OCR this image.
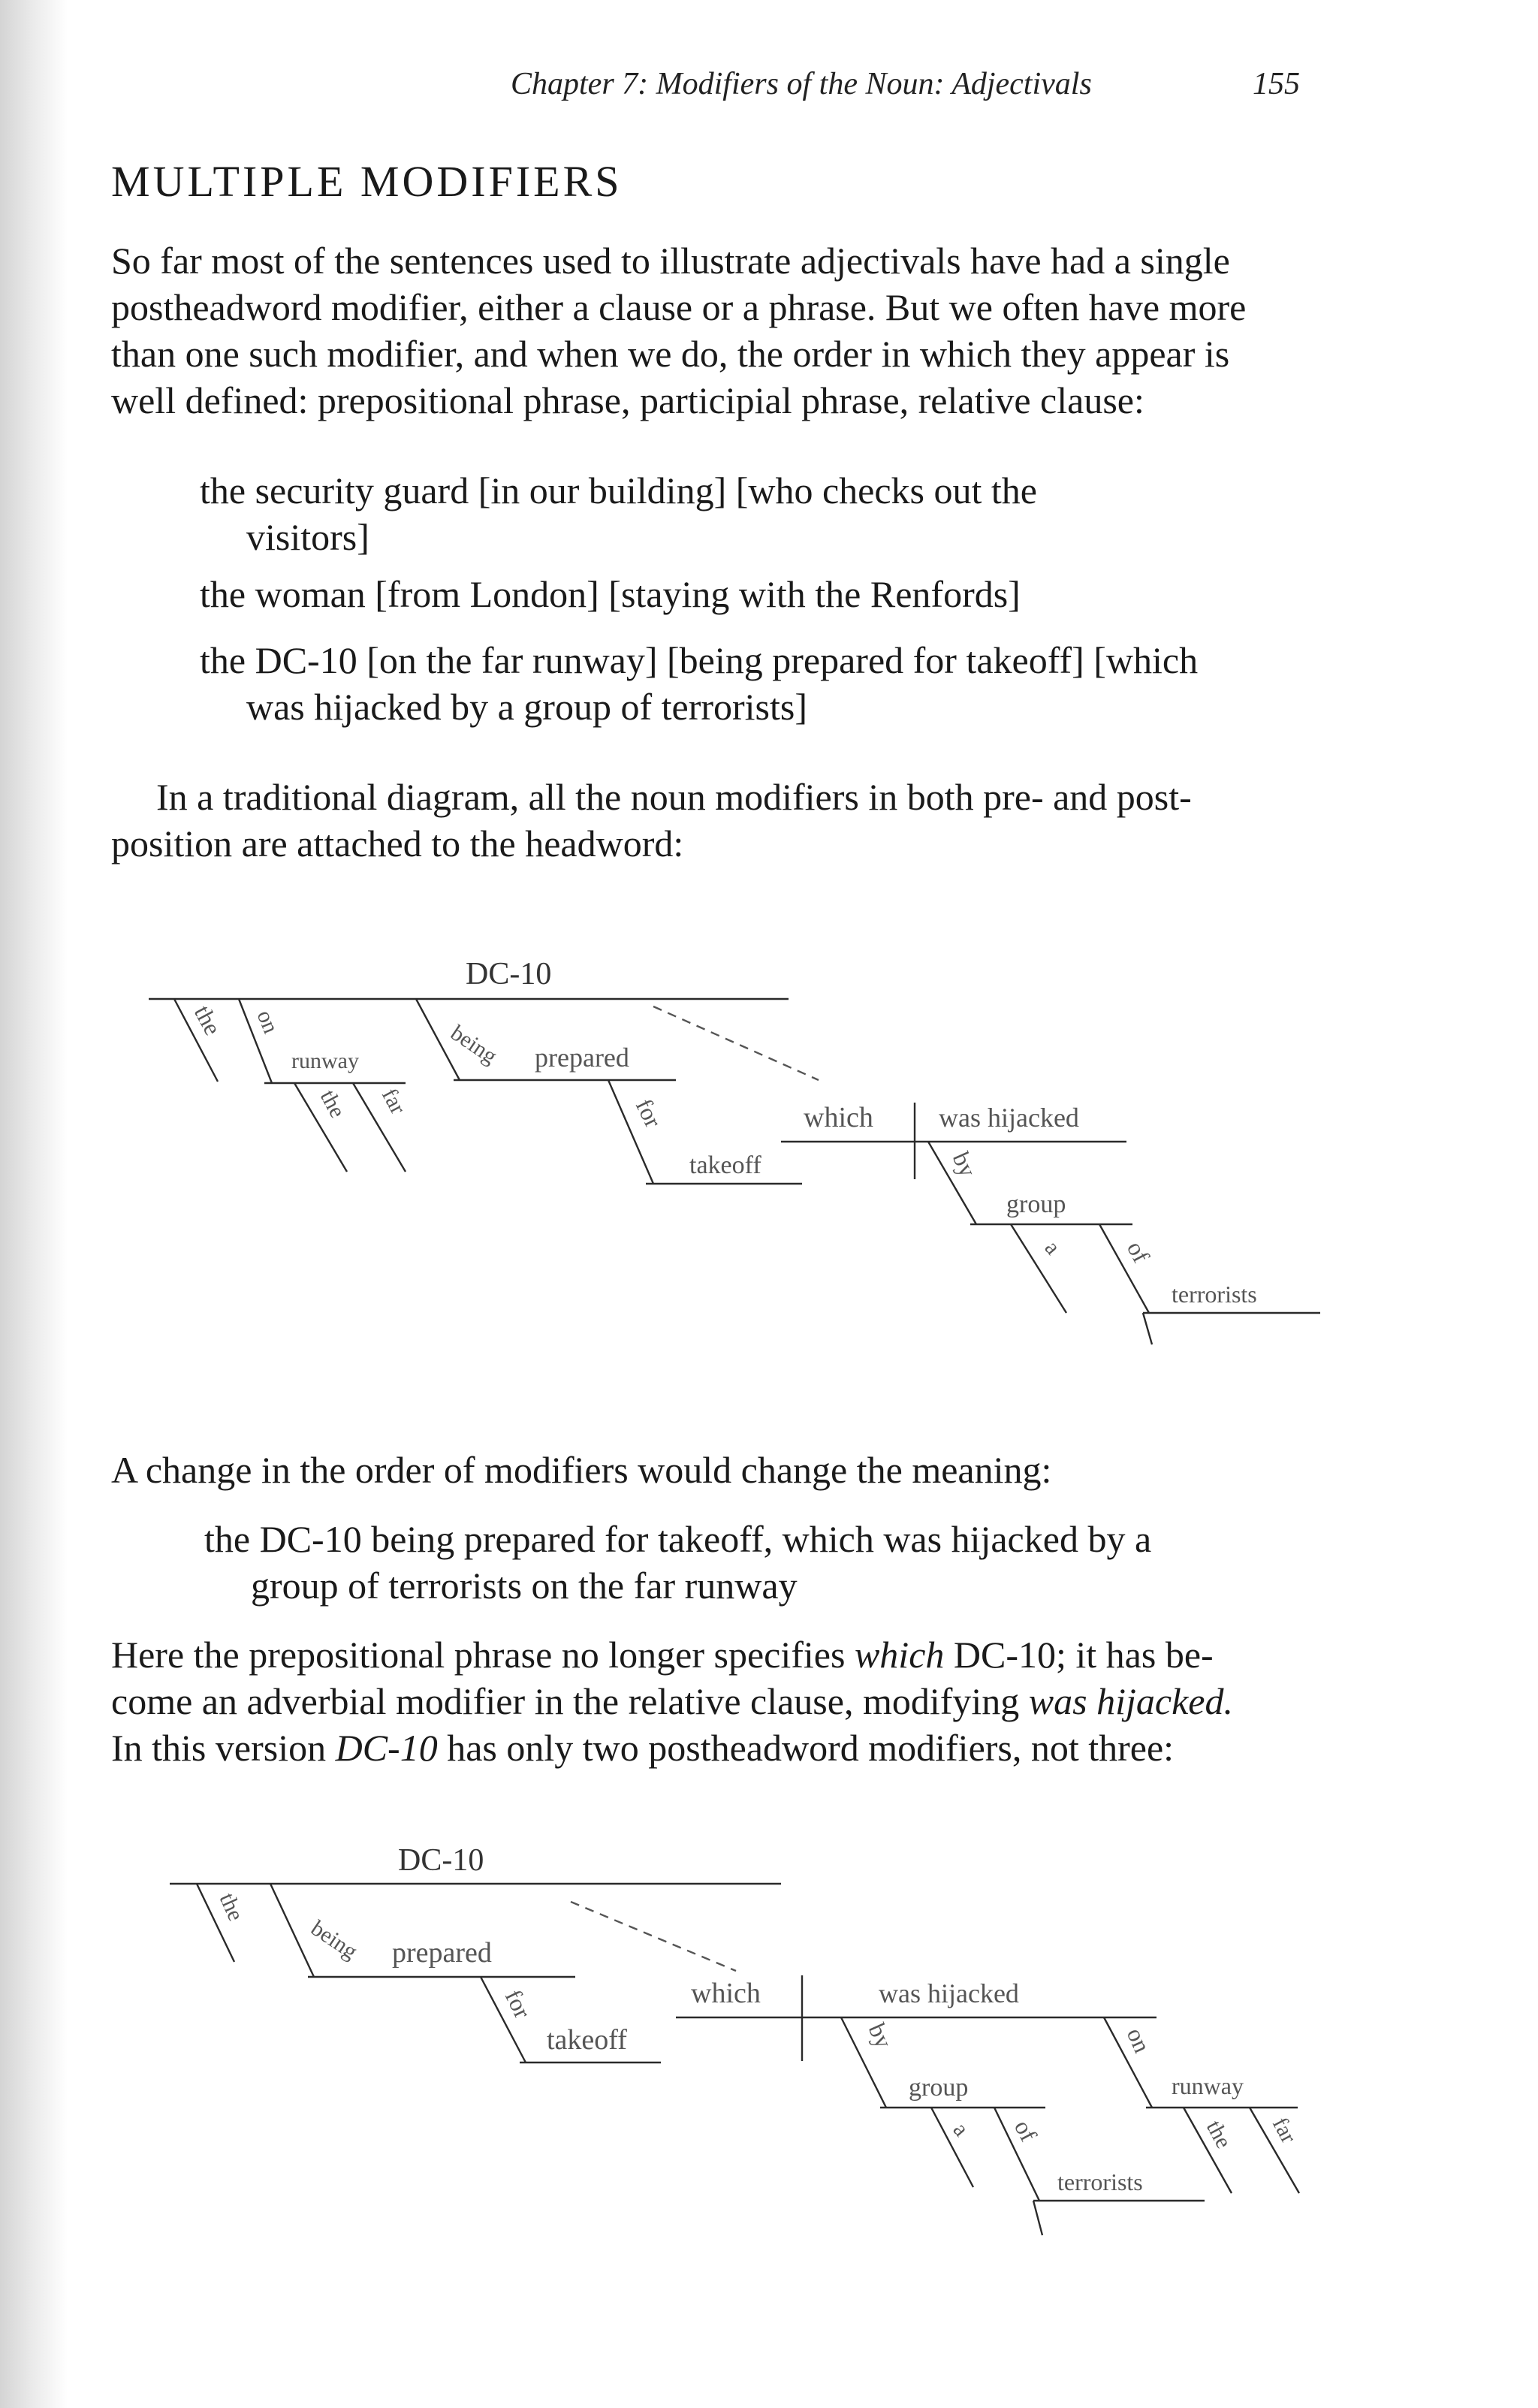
Chapter 7: Modifiers of the Noun: Adjectivals	155
MULTIPLE MODIFIERS

So far most of the sentences used to illustrate adjectivals have had a single
postheadword modifier, either a clause or a phrase. But we often have more
than one such modifier, and when we do, the order in which they appear is
well defined: prepositional phrase, participial phrase, relative clause:

the security guard [in our building] [who checks out the
visitors]
the woman [from London] [staying with the Renfords]
the DC-10 [on the far runway] [being prepared for takeoff] [which
was hijacked by a group of terrorists]

In a traditional diagram, all the noun modifiers in both pre- and post-
position are attached to the headword:

DC-10
the on
runway
the far
being prepared
for
takeoff
which was hijacked
by
group
a of
terrorists

A change in the order of modifiers would change the meaning:

the DC-10 being prepared for takeoff, which was hijacked by a
group of terrorists on the far runway

Here the prepositional phrase no longer specifies which DC-10; it has be-
come an adverbial modifier in the relative clause, modifying was hijacked.
In this version DC-10 has only two postheadword modifiers, not three:

DC-10
the
being prepared
for
takeoff
which	was hijacked
by
group
a of
terrorists
on
runway
the far
